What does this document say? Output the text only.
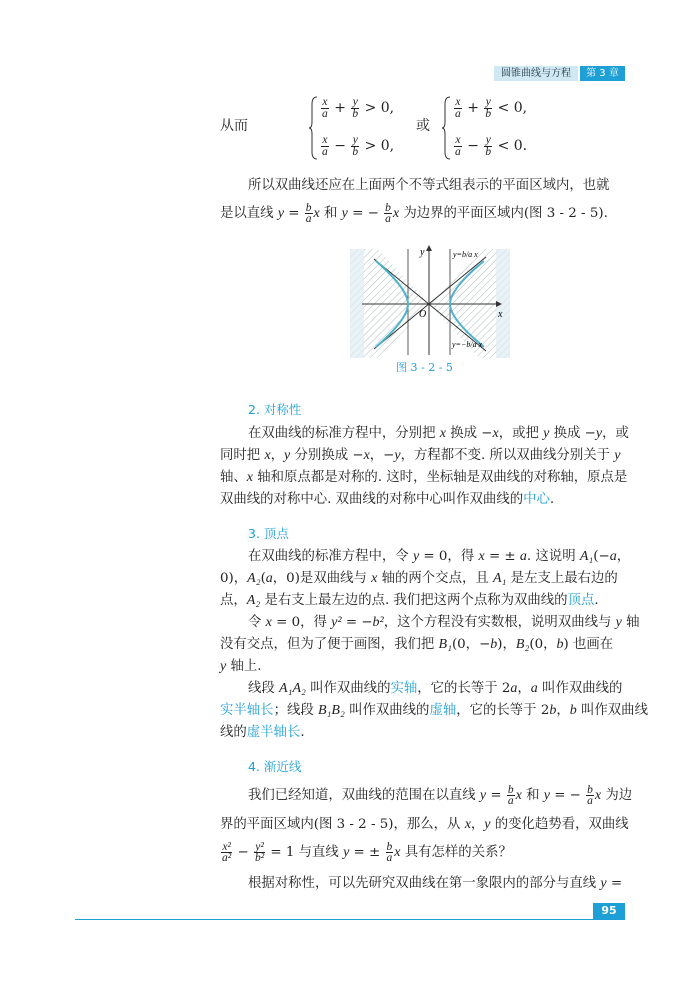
圆锥曲线与方程	第 3 章
从而
$\frac{x}{a} + \frac{y}{b} > 0$,
$\frac{x}{a} - \frac{y}{b} > 0$,
或
$\frac{x}{a} + \frac{y}{b} < 0$,
$\frac{x}{a} - \frac{y}{b} < 0$.
y
x
O
y=b/a x
y=−b/a x
图 3 - 2 - 5
2. 对称性
3. 顶点
4. 渐近线
所以双曲线还应在上面两个不等式组表示的平面区域内，也就
是以直线 $y = \frac{b}{a}$ x 和 y = − $\frac{b}{a}$ x 为边界的平面区域内(图 3 - 2 - 5).
在双曲线的标准方程中，分别把 x 换成 −x，或把 y 换成 −y，或
同时把 x，y 分别换成 −x，−y，方程都不变. 所以双曲线分别关于 y
轴、x 轴和原点都是对称的. 这时，坐标轴是双曲线的对称轴，原点是
双曲线的对称中心. 双曲线的对称中心叫作双曲线的中心.
在双曲线的标准方程中，令 y = 0，得 x = ± a. 这说明 A₁(−a，
0)，A₂(a，0)是双曲线与 x 轴的两个交点，且 A₁ 是左支上最右边的
点，A₂ 是右支上最左边的点. 我们把这两个点称为双曲线的顶点.
令 x = 0，得 y² = −b²，这个方程没有实数根，说明双曲线与 y 轴
没有交点，但为了便于画图，我们把 B₁(0，−b)，B₂(0，b) 也画在
y 轴上.
线段 A₁A₂ 叫作双曲线的实轴，它的长等于 2a，a 叫作双曲线的
实半轴长；线段 B₁B₂ 叫作双曲线的虚轴，它的长等于 2b，b 叫作双曲线
线的虚半轴长.
我们已经知道，双曲线的范围在以直线 $y = \frac{b}{a}$ x 和 y = − $\frac{b}{a}$ x 为边
界的平面区域内(图 3 - 2 - 5)，那么，从 x，y 的变化趋势看，双曲线
$\frac{\text{x²}}{\text{a²}} - \frac{\text{y²}}{\text{b²}} = 1$ 与直线 y = ± $\frac{b}{a}$ x 具有怎样的关系？
根据对称性，可以先研究双曲线在第一象限内的部分与直线 y =
95
